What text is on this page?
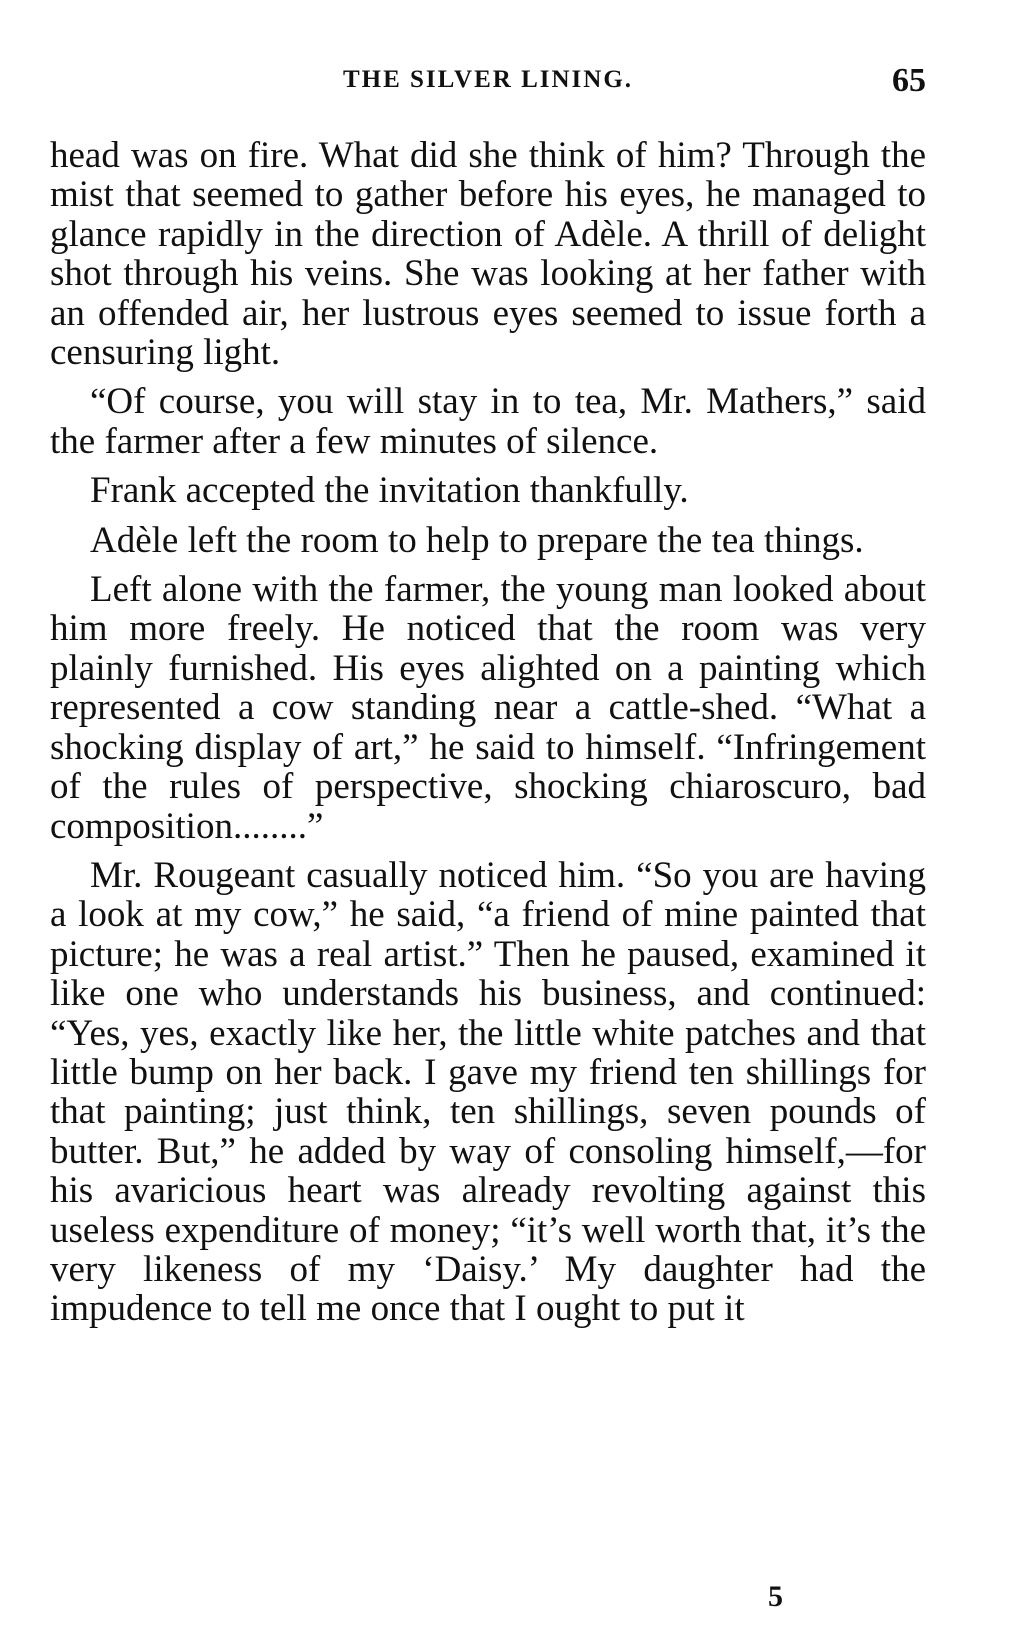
THE SILVER LINING.	65

head was on fire. What did she think of him? Through the mist that seemed to gather before his eyes, he managed to glance rapidly in the direction of Adèle. A thrill of delight shot through his veins. She was looking at her father with an offended air, her lustrous eyes seemed to issue forth a censuring light.

“Of course, you will stay in to tea, Mr. Mathers,” said the farmer after a few minutes of silence.

Frank accepted the invitation thankfully.

Adèle left the room to help to prepare the tea things.

Left alone with the farmer, the young man looked about him more freely. He noticed that the room was very plainly furnished. His eyes alighted on a painting which represented a cow standing near a cattle-shed. “What a shocking display of art,” he said to himself. “Infringement of the rules of perspective, shocking chiaroscuro, bad composition........”

Mr. Rougeant casually noticed him. “So you are having a look at my cow,” he said, “a friend of mine painted that picture; he was a real artist.” Then he paused, examined it like one who understands his business, and continued: “Yes, yes, exactly like her, the little white patches and that little bump on her back. I gave my friend ten shillings for that painting; just think, ten shillings, seven pounds of butter. But,” he added by way of consoling himself,—for his avaricious heart was already revolting against this useless expenditure of money; “it’s well worth that, it’s the very likeness of my ‘Daisy.’ My daughter had the impudence to tell me once that I ought to put it

5
